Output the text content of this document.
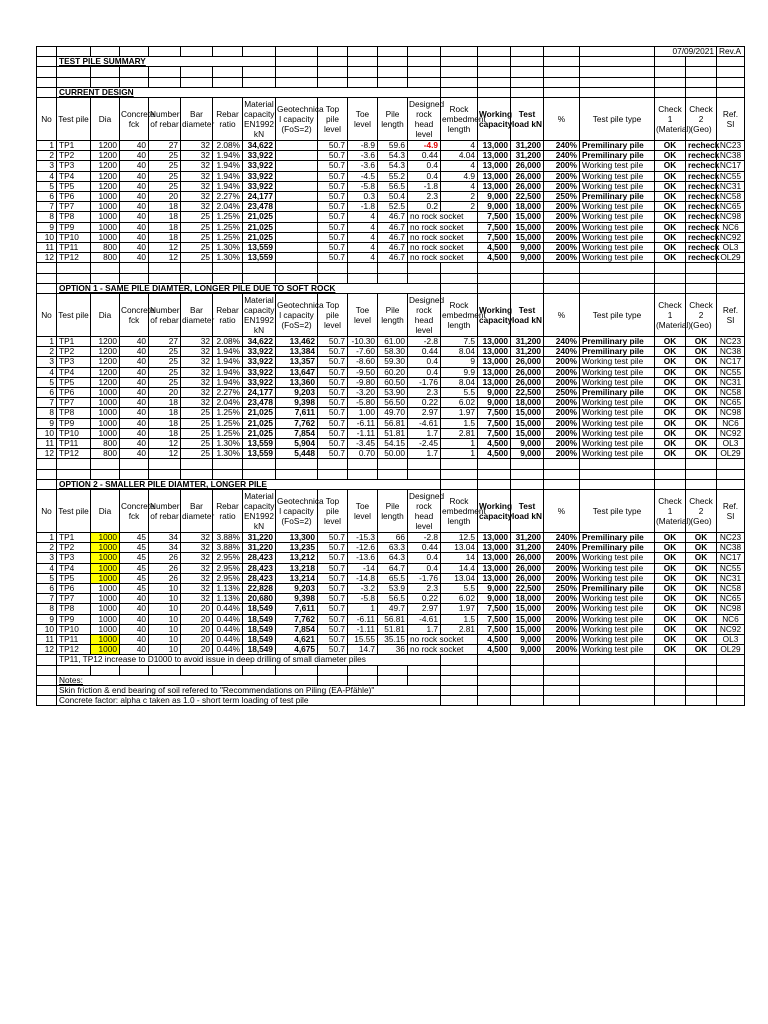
																		07/09/2021		Rev.A
	TEST PILE SUMMARY																			

	CURRENT DESIGN																			
No	Test pile	Dia	Concrete fck	Number of rebar	Bar diameter	Rebar ratio	Material capacity EN1992 kN	Geotechnica l capacity (FoS=2)	Top pile level	Toe level	Pile length	Designed rock head level	Rock embedment length	Working capacity	Test load kN	%	Test pile type	Check 1 (Material)	Check 2 (Geo)	Ref. SI
1	TP1	1200	40	27	32	2.08%	34,622		50.7	-8.9	59.6	-4.9	4	13,000	31,200	240%	Premilinary pile	OK	recheck	NC23
2	TP2	1200	40	25	32	1.94%	33,922		50.7	-3.6	54.3	0.44	4.04	13,000	31,200	240%	Premilinary pile	OK	recheck	NC38
3	TP3	1200	40	25	32	1.94%	33,922		50.7	-3.6	54.3	0.4	4	13,000	26,000	200%	Working test pile	OK	recheck	NC17
4	TP4	1200	40	25	32	1.94%	33,922		50.7	-4.5	55.2	0.4	4.9	13,000	26,000	200%	Working test pile	OK	recheck	NC55
5	TP5	1200	40	25	32	1.94%	33,922		50.7	-5.8	56.5	-1.8	4	13,000	26,000	200%	Working test pile	OK	recheck	NC31
6	TP6	1000	40	20	32	2.27%	24,177		50.7	0.3	50.4	2.3	2	9,000	22,500	250%	Premilinary pile	OK	recheck	NC58
7	TP7	1000	40	18	32	2.04%	23,478		50.7	-1.8	52.5	0.2	2	9,000	18,000	200%	Working test pile	OK	recheck	NC65
8	TP8	1000	40	18	25	1.25%	21,025		50.7	4	46.7	no rock socket		7,500	15,000	200%	Working test pile	OK	recheck	NC98
9	TP9	1000	40	18	25	1.25%	21,025		50.7	4	46.7	no rock socket		7,500	15,000	200%	Working test pile	OK	recheck	NC6
10	TP10	1000	40	18	25	1.25%	21,025		50.7	4	46.7	no rock socket		7,500	15,000	200%	Working test pile	OK	recheck	NC92
11	TP11	800	40	12	25	1.30%	13,559		50.7	4	46.7	no rock socket		4,500	9,000	200%	Working test pile	OK	recheck	OL3
12	TP12	800	40	12	25	1.30%	13,559		50.7	4	46.7	no rock socket		4,500	9,000	200%	Working test pile	OK	recheck	OL29

	OPTION 1 - SAME PILE DIAMTER, LONGER PILE DUE TO SOFT ROCK																			
No	Test pile	Dia	Concrete fck	Number of rebar	Bar diameter	Rebar ratio	Material capacity EN1992 kN	Geotechnica l capacity (FoS=2)	Top pile level	Toe level	Pile length	Designed rock head level	Rock embedment length	Working capacity	Test load kN	%	Test pile type	Check 1 (Material)	Check 2 (Geo)	Ref. SI
1	TP1	1200	40	27	32	2.08%	34,622	13,462	50.7	-10.30	61.00	-2.8	7.5	13,000	31,200	240%	Premilinary pile	OK	OK	NC23
2	TP2	1200	40	25	32	1.94%	33,922	13,384	50.7	-7.60	58.30	0.44	8.04	13,000	31,200	240%	Premilinary pile	OK	OK	NC38
3	TP3	1200	40	25	32	1.94%	33,922	13,357	50.7	-8.60	59.30	0.4	9	13,000	26,000	200%	Working test pile	OK	OK	NC17
4	TP4	1200	40	25	32	1.94%	33,922	13,647	50.7	-9.50	60.20	0.4	9.9	13,000	26,000	200%	Working test pile	OK	OK	NC55
5	TP5	1200	40	25	32	1.94%	33,922	13,360	50.7	-9.80	60.50	-1.76	8.04	13,000	26,000	200%	Working test pile	OK	OK	NC31
6	TP6	1000	40	20	32	2.27%	24,177	9,203	50.7	-3.20	53.90	2.3	5.5	9,000	22,500	250%	Premilinary pile	OK	OK	NC58
7	TP7	1000	40	18	32	2.04%	23,478	9,398	50.7	-5.80	56.50	0.22	6.02	9,000	18,000	200%	Working test pile	OK	OK	NC65
8	TP8	1000	40	18	25	1.25%	21,025	7,611	50.7	1.00	49.70	2.97	1.97	7,500	15,000	200%	Working test pile	OK	OK	NC98
9	TP9	1000	40	18	25	1.25%	21,025	7,762	50.7	-6.11	56.81	-4.61	1.5	7,500	15,000	200%	Working test pile	OK	OK	NC6
10	TP10	1000	40	18	25	1.25%	21,025	7,854	50.7	-1.11	51.81	1.7	2.81	7,500	15,000	200%	Working test pile	OK	OK	NC92
11	TP11	800	40	12	25	1.30%	13,559	5,904	50.7	-3.45	54.15	-2.45	1	4,500	9,000	200%	Working test pile	OK	OK	OL3
12	TP12	800	40	12	25	1.30%	13,559	5,448	50.7	0.70	50.00	1.7	1	4,500	9,000	200%	Working test pile	OK	OK	OL29

	OPTION 2 - SMALLER PILE DIAMTER, LONGER PILE																			
No	Test pile	Dia	Concrete fck	Number of rebar	Bar diameter	Rebar ratio	Material capacity EN1992 kN	Geotechnica l capacity (FoS=2)	Top pile level	Toe level	Pile length	Designed rock head level	Rock embedment length	Working capacity	Test load kN	%	Test pile type	Check 1 (Material)	Check 2 (Geo)	Ref. SI
1	TP1	1000	45	34	32	3.88%	31,220	13,300	50.7	-15.3	66	-2.8	12.5	13,000	31,200	240%	Premilinary pile	OK	OK	NC23
2	TP2	1000	45	34	32	3.88%	31,220	13,235	50.7	-12.6	63.3	0.44	13.04	13,000	31,200	240%	Premilinary pile	OK	OK	NC38
3	TP3	1000	45	26	32	2.95%	28,423	13,212	50.7	-13.6	64.3	0.4	14	13,000	26,000	200%	Working test pile	OK	OK	NC17
4	TP4	1000	45	26	32	2.95%	28,423	13,218	50.7	-14	64.7	0.4	14.4	13,000	26,000	200%	Working test pile	OK	OK	NC55
5	TP5	1000	45	26	32	2.95%	28,423	13,214	50.7	-14.8	65.5	-1.76	13.04	13,000	26,000	200%	Working test pile	OK	OK	NC31
6	TP6	1000	45	10	32	1.13%	22,828	9,203	50.7	-3.2	53.9	2.3	5.5	9,000	22,500	250%	Premilinary pile	OK	OK	NC58
7	TP7	1000	40	10	32	1.13%	20,680	9,398	50.7	-5.8	56.5	0.22	6.02	9,000	18,000	200%	Working test pile	OK	OK	NC65
8	TP8	1000	40	10	20	0.44%	18,549	7,611	50.7	1	49.7	2.97	1.97	7,500	15,000	200%	Working test pile	OK	OK	NC98
9	TP9	1000	40	10	20	0.44%	18,549	7,762	50.7	-6.11	56.81	-4.61	1.5	7,500	15,000	200%	Working test pile	OK	OK	NC6
10	TP10	1000	40	10	20	0.44%	18,549	7,854	50.7	-1.11	51.81	1.7	2.81	7,500	15,000	200%	Working test pile	OK	OK	NC92
11	TP11	1000	40	10	20	0.44%	18,549	4,621	50.7	15.55	35.15	no rock socket		4,500	9,000	200%	Working test pile	OK	OK	OL3
12	TP12	1000	40	10	20	0.44%	18,549	4,675	50.7	14.7	36	no rock socket		4,500	9,000	200%	Working test pile	OK	OK	OL29
	TP11, TP12 increase to D1000 to avoid issue in deep drilling of small diameter piles																			

	Notes:																			
	Skin friction & end bearing of soil refered to "Recommendations on Piling (EA-Pfähle)"																			
	Concrete factor: alpha c taken as 1.0 - short term loading of test pile																			
